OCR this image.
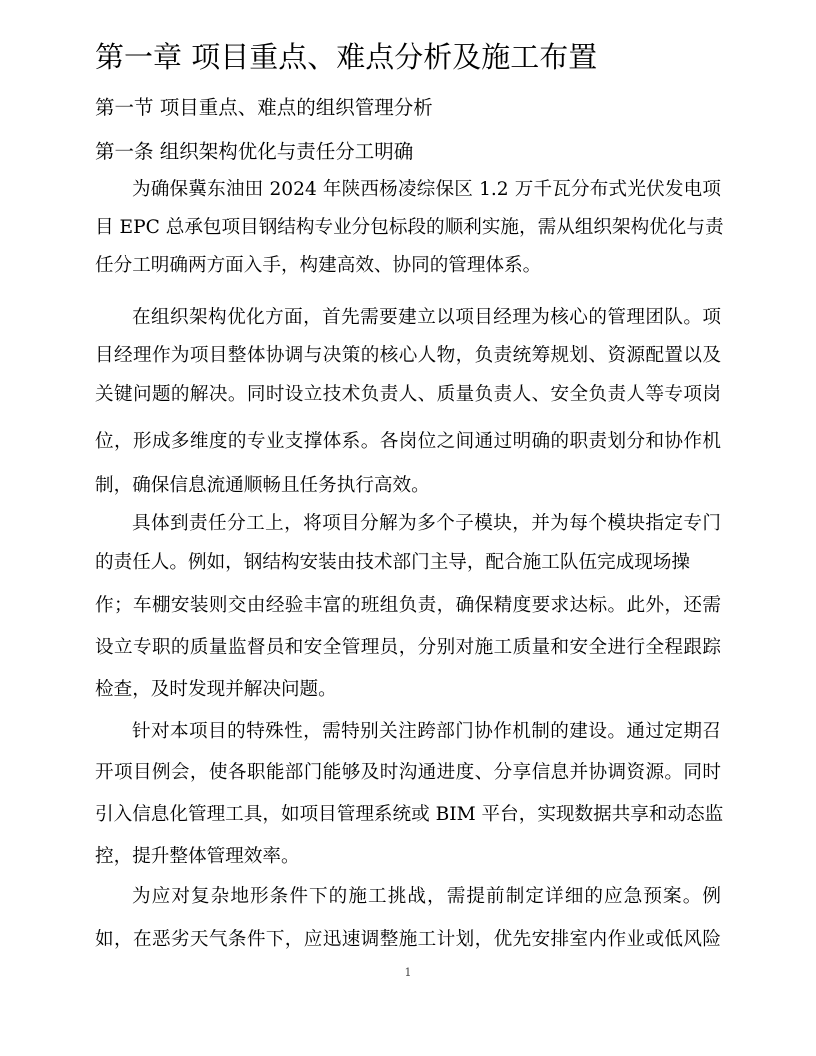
第一章 项目重点、难点分析及施工布置
第一节 项目重点、难点的组织管理分析
第一条 组织架构优化与责任分工明确
为确保冀东油田 2024 年陕西杨凌综保区 1.2 万千瓦分布式光伏发电项
目 EPC 总承包项目钢结构专业分包标段的顺利实施，需从组织架构优化与责
任分工明确两方面入手，构建高效、协同的管理体系。
在组织架构优化方面，首先需要建立以项目经理为核心的管理团队。项
目经理作为项目整体协调与决策的核心人物，负责统筹规划、资源配置以及
关键问题的解决。同时设立技术负责人、质量负责人、安全负责人等专项岗
位，形成多维度的专业支撑体系。各岗位之间通过明确的职责划分和协作机
制，确保信息流通顺畅且任务执行高效。
具体到责任分工上，将项目分解为多个子模块，并为每个模块指定专门
的责任人。例如，钢结构安装由技术部门主导，配合施工队伍完成现场操
作；车棚安装则交由经验丰富的班组负责，确保精度要求达标。此外，还需
设立专职的质量监督员和安全管理员，分别对施工质量和安全进行全程跟踪
检查，及时发现并解决问题。
针对本项目的特殊性，需特别关注跨部门协作机制的建设。通过定期召
开项目例会，使各职能部门能够及时沟通进度、分享信息并协调资源。同时
引入信息化管理工具，如项目管理系统或 BIM 平台，实现数据共享和动态监
控，提升整体管理效率。
为应对复杂地形条件下的施工挑战，需提前制定详细的应急预案。例
如，在恶劣天气条件下，应迅速调整施工计划，优先安排室内作业或低风险
1
